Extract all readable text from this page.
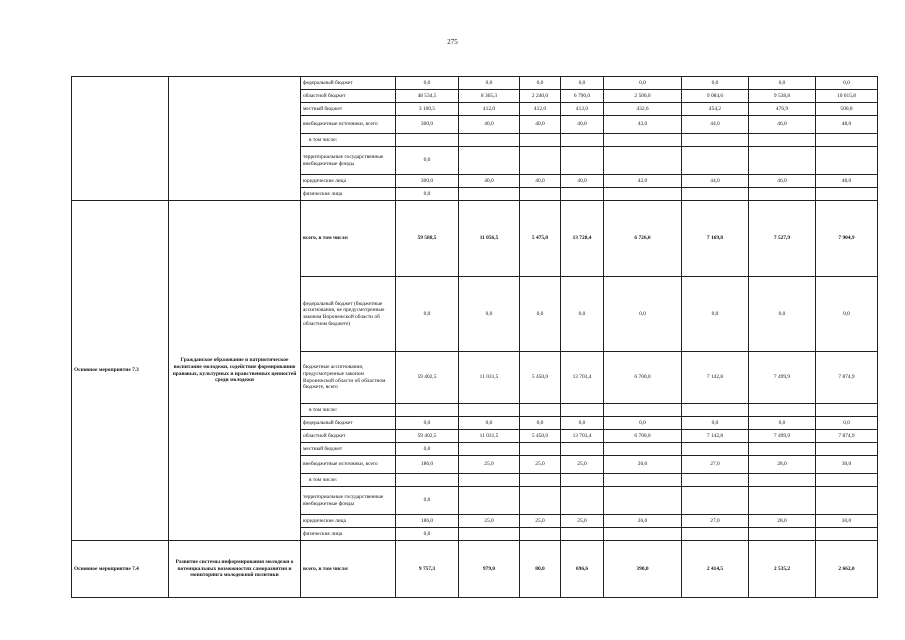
275
		федеральный бюджет	0,0	0,0	0,0	0,0	0,0	0,0	0,0	0,0
		областной бюджет	48 534,5	8 365,3	2 240,0	6 790,0	2 500,0	9 084,6	9 538,8	10 015,8
		местный бюджет	3 100,5	412,0	412,0	412,0	432,6	454,2	476,9	500,8
		внебюджетные источники, всего	300,0	40,0	40,0	40,0	42,0	44,0	46,0	48,0
		в том числе:								
		территориальные государственные внебюджетные фонды	0,0							
		юридические лица	300,0	40,0	40,0	40,0	42,0	44,0	46,0	48,0
		физические лица	0,0							
Основное мероприятие 7.3	Гражданское образование и патриотическое воспитание молодежи, содействие формированию правовых, культурных и нравственных ценностей среди молодежи	всего, в том числе:	59 588,5	11 056,5	5 475,0	13 728,4	6 726,0	7 169,8	7 527,9	7 904,9
		федеральный бюджет (бюджетные ассигнования, не предусмотренные законом Воронежской области об областном бюджете)	0,0	0,0	0,0	0,0	0,0	0,0	0,0	0,0
		бюджетные ассигнования, предусмотренные законом Воронежской области об областном бюджете, всего	59 402,5	11 031,5	5 450,0	13 703,4	6 700,0	7 142,8	7 499,9	7 874,9
		в том числе:								
		федеральный бюджет	0,0	0,0	0,0	0,0	0,0	0,0	0,0	0,0
		областной бюджет	59 402,5	11 031,5	5 450,0	13 703,4	6 700,0	7 142,8	7 499,9	7 874,9
		местный бюджет	0,0							
		внебюджетные источники, всего	186,0	25,0	25,0	25,0	26,0	27,0	28,0	30,0
		в том числе:								
		территориальные государственные внебюджетные фонды	0,0							
		юридические лица	186,0	25,0	25,0	25,0	26,0	27,0	28,0	30,0
		физические лица	0,0							
Основное мероприятие 7.4	Развитие системы информирования молодежи о потенциальных возможностях саморазвития и мониторинга молодежной политики	всего, в том числе:	9 757,3	979,0	80,0	696,6	390,0	2 414,5	2 535,2	2 662,0
